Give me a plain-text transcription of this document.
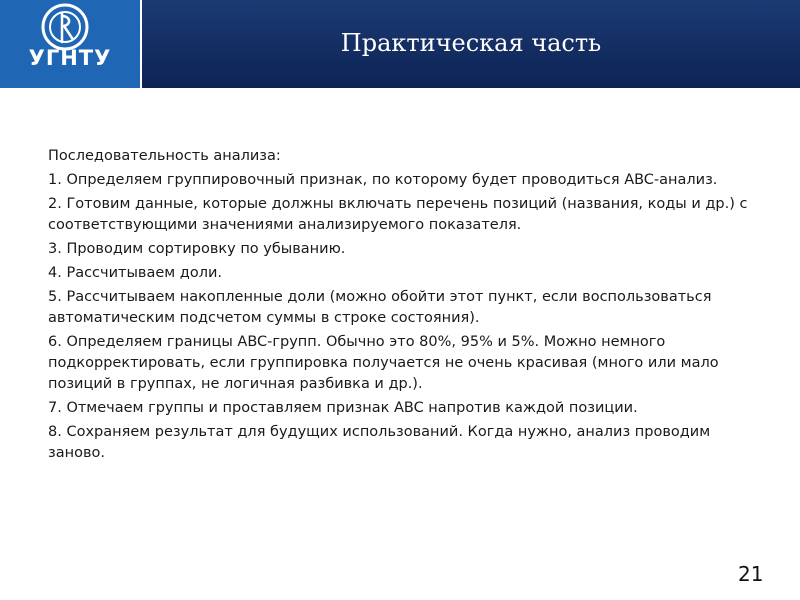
УГНТУ
Практическая часть
Последовательность анализа:
1. Определяем группировочный признак, по которому будет проводиться ABC-анализ.
2. Готовим данные, которые должны включать перечень позиций (названия, коды и др.) с соответствующими значениями анализируемого показателя.
3. Проводим сортировку по убыванию.
4. Рассчитываем доли.
5. Рассчитываем накопленные доли (можно обойти этот пункт, если воспользоваться автоматическим подсчетом суммы в строке состояния).
6. Определяем границы ABC-групп. Обычно это 80%, 95% и 5%. Можно немного подкорректировать, если группировка получается не очень красивая (много или мало позиций в группах, не логичная разбивка и др.).
7. Отмечаем группы и проставляем признак ABC напротив каждой позиции.
8. Сохраняем результат для будущих использований. Когда нужно, анализ проводим заново.
21
